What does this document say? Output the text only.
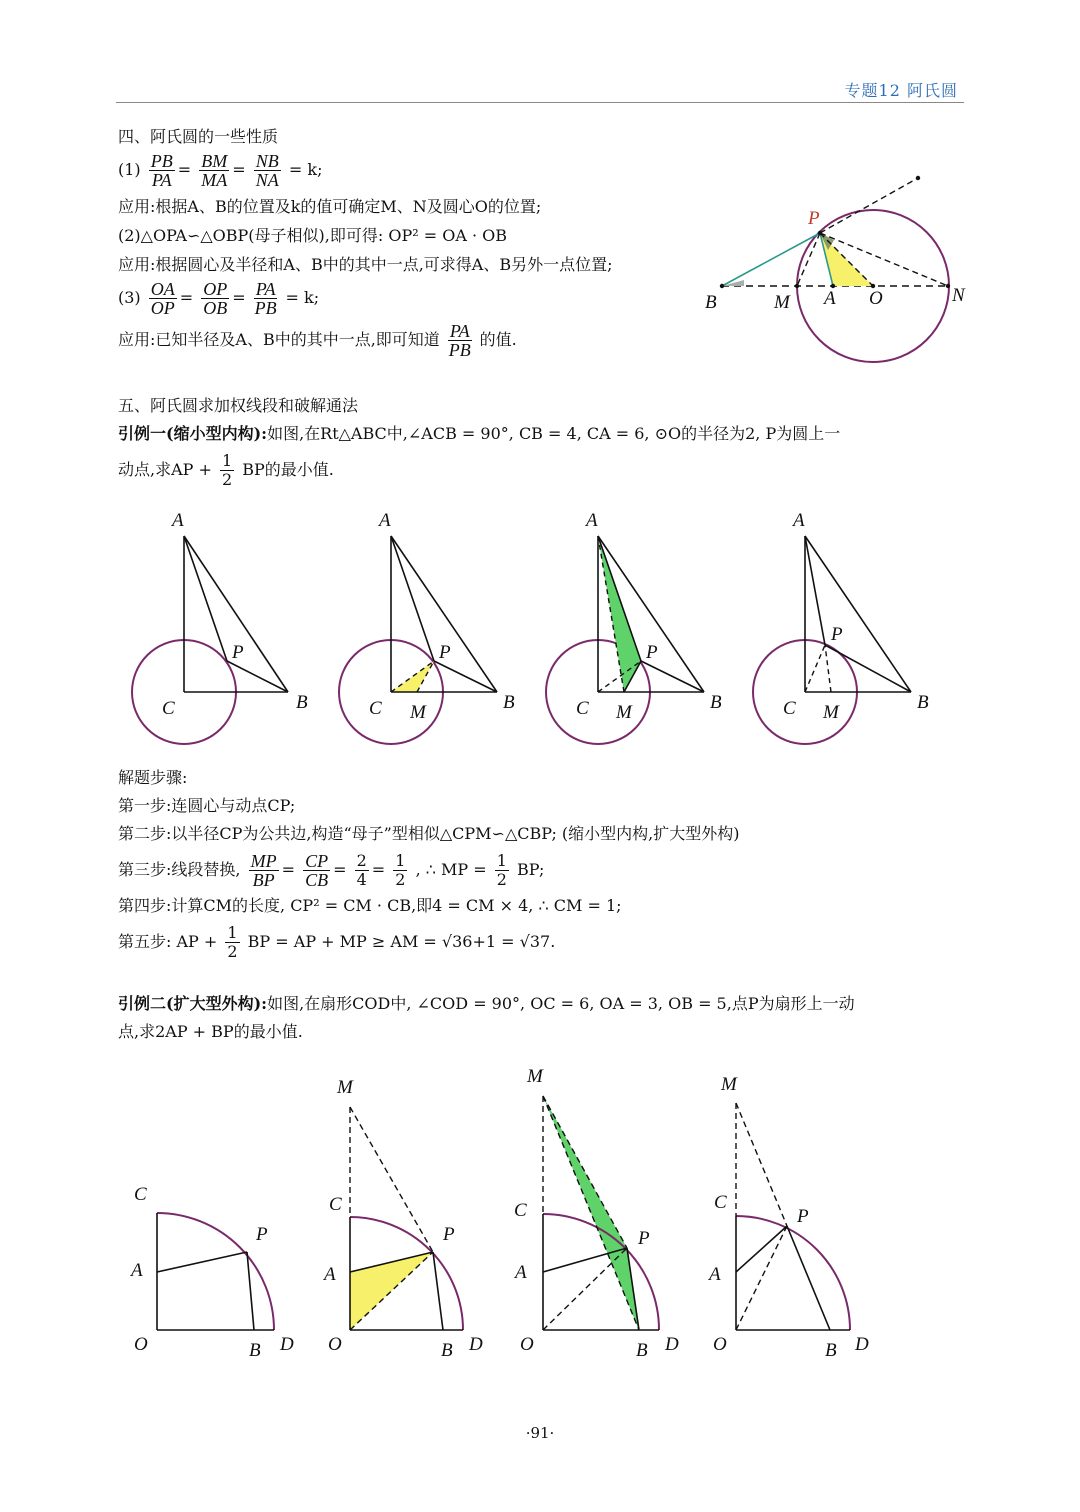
专题12 阿氏圆
四、阿氏圆的一些性质
$(1) \frac{PB}{PA} = \frac{BM}{MA} = \frac{NB}{NA} = k$;
应用:根据A、B的位置及k的值可确定M、N及圆心O的位置;
(2)△OPA∽△OBP(母子相似),即可得: OP² = OA · OB
应用:根据圆心及半径和A、B中的其中一点,可求得A、B另外一点位置;
$(3) \frac{OA}{OP} = \frac{OP}{OB} = \frac{PA}{PB} = k$;
应用:已知半径及A、B中的其中一点,即可知道 $\frac{PA}{PB}$ 的值.
P
B	M A O	N
五、阿氏圆求加权线段和破解通法
引例一(缩小型内构):如图,在Rt△ABC中,∠ACB = 90°, CB = 4, CA = 6, ⊙O的半径为2, P为圆上一
动点,求AP + $\frac{1}{2}$ BP的最小值.
A
P
C	B
A
P
C M	B
A
P
C M	B
A
P
C M	B
解题步骤:
第一步:连圆心与动点CP;
第二步:以半径CP为公共边,构造“母子”型相似△CPM∽△CBP; (缩小型内构,扩大型外构)
第三步:线段替换, $\frac{MP}{BP} = \frac{CP}{CB} = \frac{2}{4} = \frac{1}{2}$ , ∴ MP = $\frac{1}{2}$ BP;
第四步:计算CM的长度, CP² = CM · CB,即4 = CM × 4, ∴ CM = 1;
第五步: AP + $\frac{1}{2}$ BP = AP + MP ≥ AM = √36+1 = √37.
引例二(扩大型外构):如图,在扇形COD中, ∠COD = 90°, OC = 6, OA = 3, OB = 5,点P为扇形上一动
点,求2AP + BP的最小值.
C
A
P
O	B D
M
C
A
P
O	B D
M
C
A
P
O	B D
M
C
A
P
O	B D
·91·
